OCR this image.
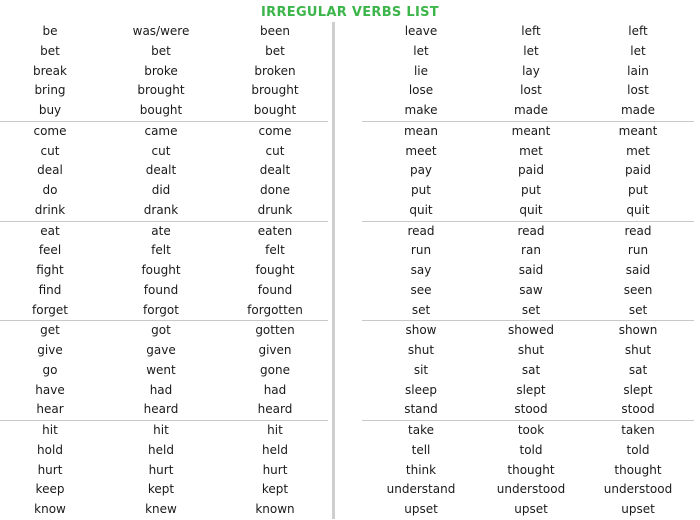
IRREGULAR VERBS LIST
be	was/were	been
bet	bet	bet
break	broke	broken
bring	brought	brought
buy	bought	bought
come	came	come
cut	cut	cut
deal	dealt	dealt
do	did	done
drink	drank	drunk
eat	ate	eaten
feel	felt	felt
fight	fought	fought
find	found	found
forget	forgot	forgotten
get	got	gotten
give	gave	given
go	went	gone
have	had	had
hear	heard	heard
hit	hit	hit
hold	held	held
hurt	hurt	hurt
keep	kept	kept
know	knew	known
leave	left	left
let	let	let
lie	lay	lain
lose	lost	lost
make	made	made
mean	meant	meant
meet	met	met
pay	paid	paid
put	put	put
quit	quit	quit
read	read	read
run	ran	run
say	said	said
see	saw	seen
set	set	set
show	showed	shown
shut	shut	shut
sit	sat	sat
sleep	slept	slept
stand	stood	stood
take	took	taken
tell	told	told
think	thought	thought
understand	understood	understood
upset	upset	upset
